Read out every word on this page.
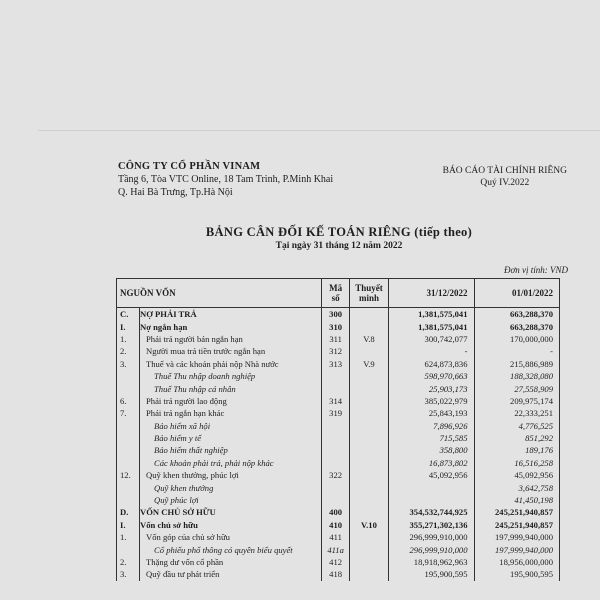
CÔNG TY CỔ PHẦN VINAM
Tầng 6, Tòa VTC Online, 18 Tam Trinh, P.Minh Khai
Q. Hai Bà Trưng, Tp.Hà Nội
BÁO CÁO TÀI CHÍNH RIÊNG
Quý IV.2022
BẢNG CÂN ĐỐI KẾ TOÁN RIÊNG (tiếp theo)
Tại ngày 31 tháng 12 năm 2022
Đơn vị tính: VND
NGUỒN VỐN		Mã số	Thuyết minh	31/12/2022	01/01/2022
C.	NỢ PHẢI TRẢ	300		1,381,575,041	663,288,370
I.	Nợ ngắn hạn	310		1,381,575,041	663,288,370
1.	Phải trả người bán ngắn hạn	311	V.8	300,742,077	170,000,000
2.	Người mua trả tiền trước ngắn hạn	312		-	-
3.	Thuế và các khoản phải nộp Nhà nước	313	V.9	624,873,836	215,886,989
	Thuế Thu nhập doanh nghiệp			598,970,663	188,328,080
	Thuế Thu nhập cá nhân			25,903,173	27,558,909
6.	Phải trả người lao động	314		385,022,979	209,975,174
7.	Phải trả ngắn hạn khác	319		25,843,193	22,333,251
	Bảo hiểm xã hội			7,896,926	4,776,525
	Bảo hiểm y tế			715,585	851,292
	Bảo hiểm thất nghiệp			358,800	189,176
	Các khoản phải trả, phải nộp khác			16,873,802	16,516,258
12.	Quỹ khen thưởng, phúc lợi	322		45,092,956	45,092,956
	Quỹ khen thưởng				3,642,758
	Quỹ phúc lợi				41,450,198
D.	VỐN CHỦ SỞ HỮU	400		354,532,744,925	245,251,940,857
I.	Vốn chủ sở hữu	410	V.10	355,271,302,136	245,251,940,857
1.	Vốn góp của chủ sở hữu	411		296,999,910,000	197,999,940,000
	Cổ phiếu phổ thông có quyền biểu quyết	411a		296,999,910,000	197,999,940,000
2.	Thặng dư vốn cổ phần	412		18,918,962,963	18,956,000,000
3.	Quỹ đầu tư phát triển	418		195,900,595	195,900,595
